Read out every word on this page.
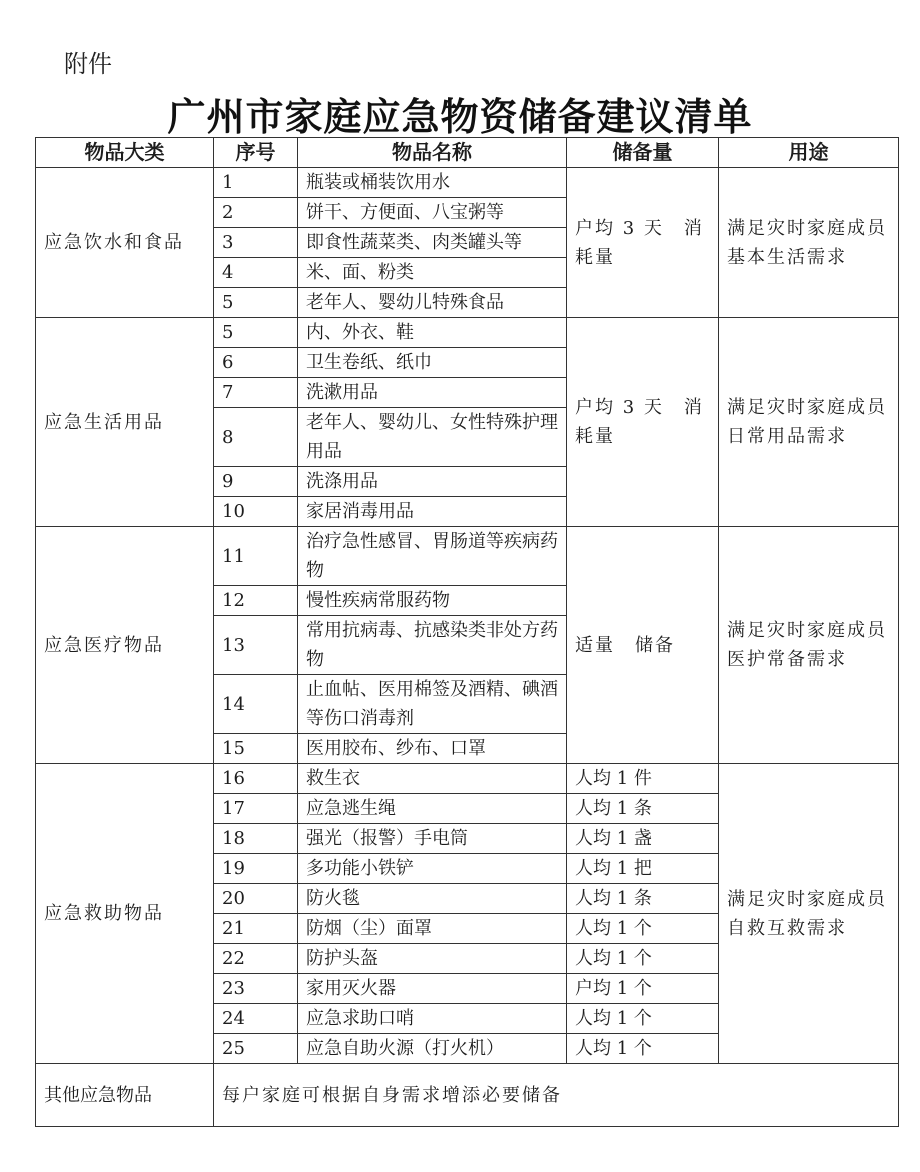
附件
广州市家庭应急物资储备建议清单
物品大类	序号	物品名称	储备量	用途
应急饮水和食品	1	瓶装或桶装饮用水	户均 3 天　消耗量	满足灾时家庭成员基本生活需求
	2	饼干、方便面、八宝粥等		
	3	即食性蔬菜类、肉类罐头等		
	4	米、面、粉类		
	5	老年人、婴幼儿特殊食品		
应急生活用品	5	内、外衣、鞋	户均 3 天　消耗量	满足灾时家庭成员日常用品需求
	6	卫生卷纸、纸巾		
	7	洗漱用品		
	8	老年人、婴幼儿、女性特殊护理用品		
	9	洗涤用品		
	10	家居消毒用品		
应急医疗物品	11	治疗急性感冒、胃肠道等疾病药物	适量　储备	满足灾时家庭成员医护常备需求
	12	慢性疾病常服药物		
	13	常用抗病毒、抗感染类非处方药物		
	14	止血帖、医用棉签及酒精、碘酒等伤口消毒剂		
	15	医用胶布、纱布、口罩		
应急救助物品	16	救生衣	人均 1 件	满足灾时家庭成员自救互救需求
	17	应急逃生绳	人均 1 条	
	18	强光（报警）手电筒	人均 1 盏	
	19	多功能小铁铲	人均 1 把	
	20	防火毯	人均 1 条	
	21	防烟（尘）面罩	人均 1 个	
	22	防护头盔	人均 1 个	
	23	家用灭火器	户均 1 个	
	24	应急求助口哨	人均 1 个	
	25	应急自助火源（打火机）	人均 1 个	
其他应急物品	每户家庭可根据自身需求增添必要储备			
